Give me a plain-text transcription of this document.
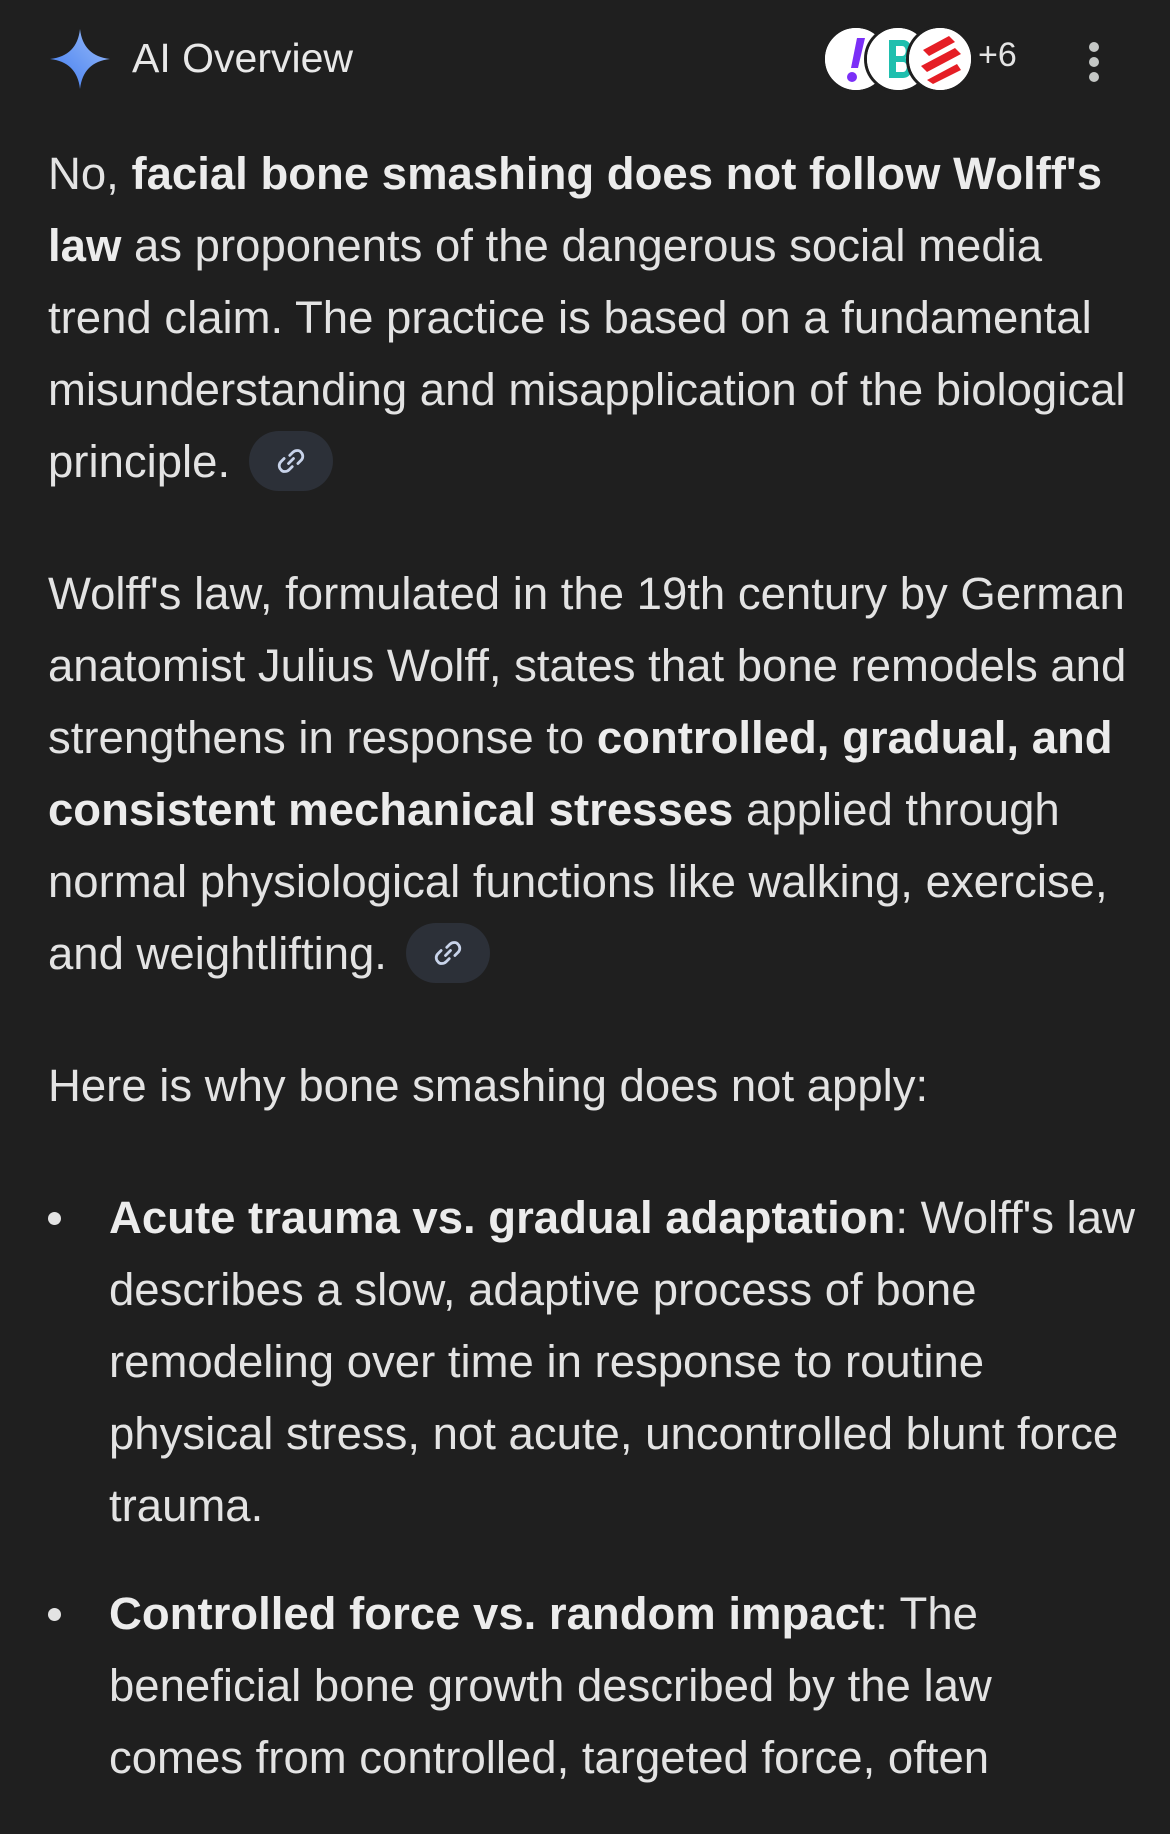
AI Overview	+6

No, facial bone smashing does not follow Wolff's law as proponents of the dangerous social media trend claim. The practice is based on a fundamental misunderstanding and misapplication of the biological principle.

Wolff's law, formulated in the 19th century by German anatomist Julius Wolff, states that bone remodels and strengthens in response to controlled, gradual, and consistent mechanical stresses applied through normal physiological functions like walking, exercise, and weightlifting.

Here is why bone smashing does not apply:

Acute trauma vs. gradual adaptation: Wolff's law describes a slow, adaptive process of bone remodeling over time in response to routine physical stress, not acute, uncontrolled blunt force trauma.
Controlled force vs. random impact: The beneficial bone growth described by the law comes from controlled, targeted force, often
